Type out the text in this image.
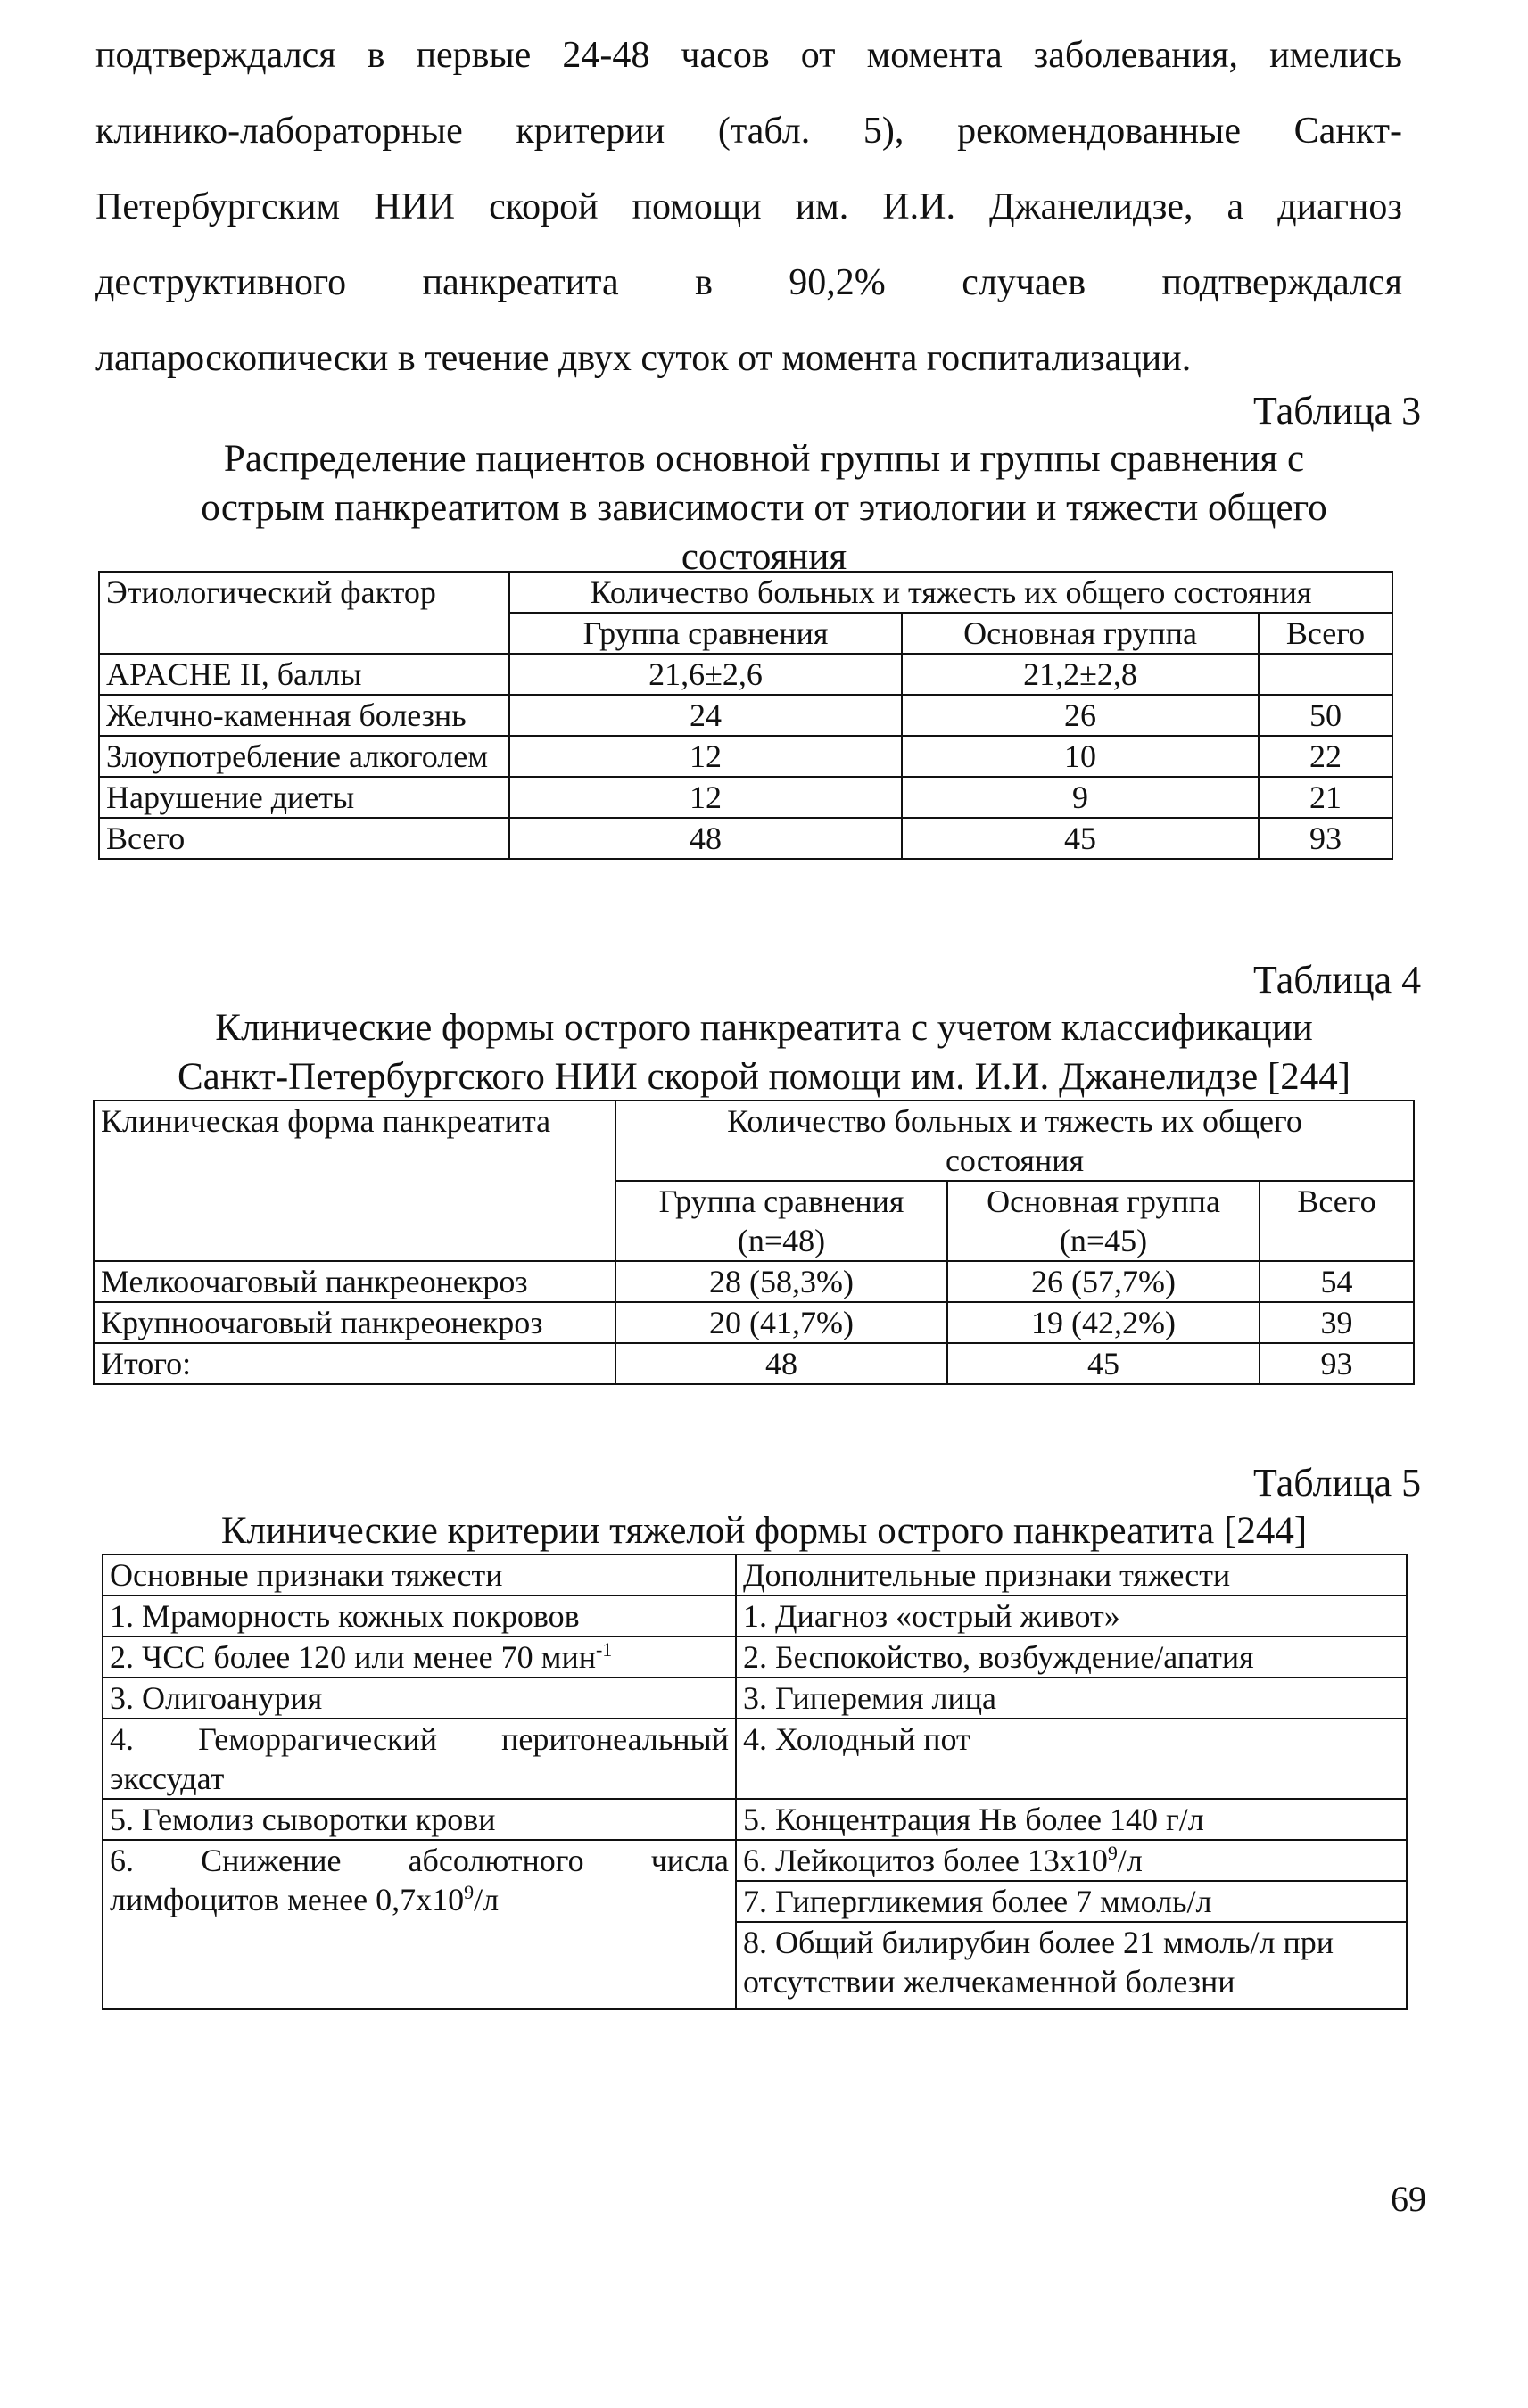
подтверждался в первые 24-48 часов от момента заболевания, имелись
клинико-лабораторные критерии (табл. 5), рекомендованные Санкт-
Петербургским НИИ скорой помощи им. И.И. Джанелидзе, а диагноз
деструктивного панкреатита в 90,2% случаев подтверждался
лапароскопически в течение двух суток от момента госпитализации.

Таблица 3

Распределение пациентов основной группы и группы сравнения с
острым панкреатитом в зависимости от этиологии и тяжести общего
состояния
Этиологический фактор	Количество больных и тяжесть их общего состояния		
	Группа сравнения	Основная группа	Всего
APACHE II, баллы	21,6±2,6	21,2±2,8	
Желчно-каменная болезнь	24	26	50
Злоупотребление алкоголем	12	10	22
Нарушение диеты	12	9	21
Всего	48	45	93

Таблица 4

Клинические формы острого панкреатита с учетом классификации
Санкт-Петербургского НИИ скорой помощи им. И.И. Джанелидзе [244]
Клиническая форма панкреатита	Количество больных и тяжесть их общего состояния		
	Группа сравнения (n=48)	Основная группа (n=45)	Всего
Мелкоочаговый панкреонекроз	28 (58,3%)	26 (57,7%)	54
Крупноочаговый панкреонекроз	20 (41,7%)	19 (42,2%)	39
Итого:	48	45	93

Таблица 5

Клинические критерии тяжелой формы острого панкреатита [244]
Основные признаки тяжести	Дополнительные признаки тяжести
1. Мраморность кожных покровов	1. Диагноз «острый живот»
2. ЧСС более 120 или менее 70 мин$^{-1}$	2. Беспокойство, возбуждение/апатия
3. Олигоанурия	3. Гиперемия лица
4. Геморрагический перитонеальный экссудат	4. Холодный пот
5. Гемолиз сыворотки крови	5. Концентрация Нв более 140 г/л

6. Снижение абсолютного числа
лимфоцитов менее $0,7х10^9/л$	6. Лейкоцитоз более $13х10^9/л$
	7. Гипергликемия более 7 ммоль/л
	8. Общий билирубин более 21 ммоль/л при отсутствии желчекаменной болезни

69
